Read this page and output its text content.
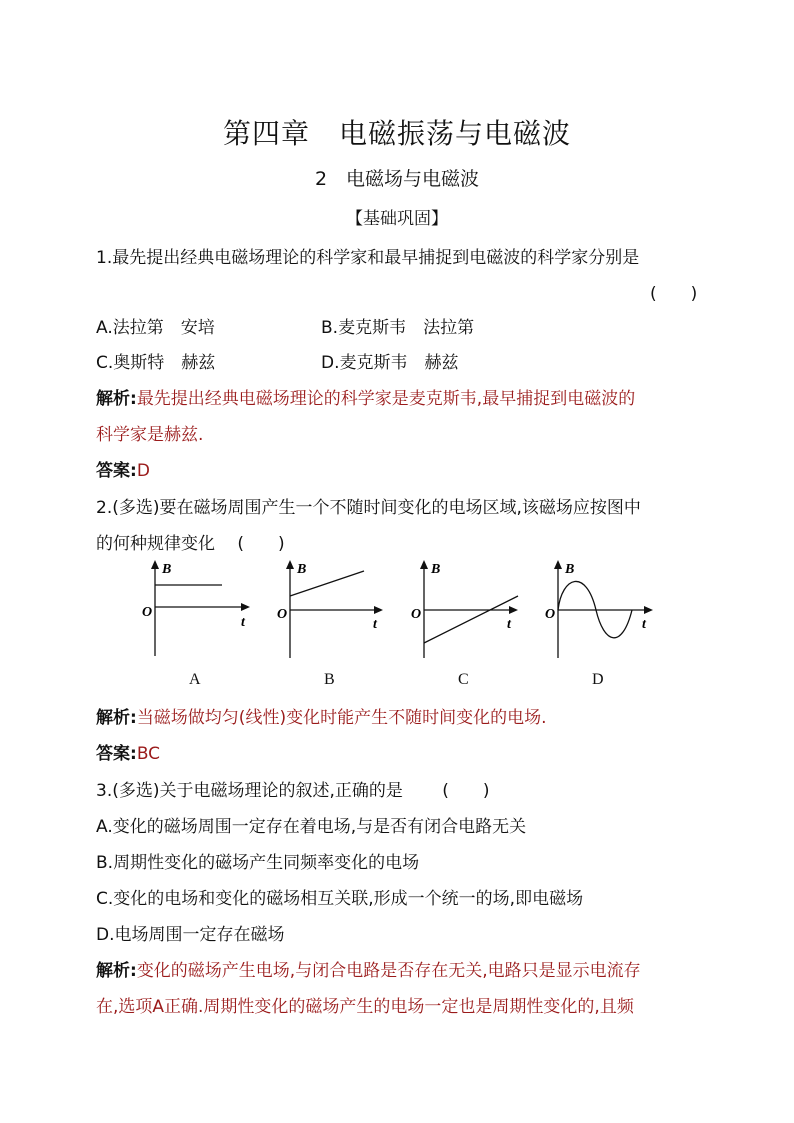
第四章　电磁振荡与电磁波
2　电磁场与电磁波
【基础巩固】
1.最先提出经典电磁场理论的科学家和最早捕捉到电磁波的科学家分别是
(　　)
A.法拉第　安培	B.麦克斯韦　法拉第
C.奥斯特　赫兹	D.麦克斯韦　赫兹
解析:最先提出经典电磁场理论的科学家是麦克斯韦,最早捕捉到电磁波的
科学家是赫兹.
答案:D
2.(多选)要在磁场周围产生一个不随时间变化的电场区域,该磁场应按图中
的何种规律变化　 (　　)
B
O
t
B
O
t
B
O
t
B
O
t
A	B	C	D
解析:当磁场做均匀(线性)变化时能产生不随时间变化的电场.
答案:BC
3.(多选)关于电磁场理论的叙述,正确的是　　 (　　)
A.变化的磁场周围一定存在着电场,与是否有闭合电路无关
B.周期性变化的磁场产生同频率变化的电场
C.变化的电场和变化的磁场相互关联,形成一个统一的场,即电磁场
D.电场周围一定存在磁场
解析:变化的磁场产生电场,与闭合电路是否存在无关,电路只是显示电流存
在,选项A正确.周期性变化的磁场产生的电场一定也是周期性变化的,且频
